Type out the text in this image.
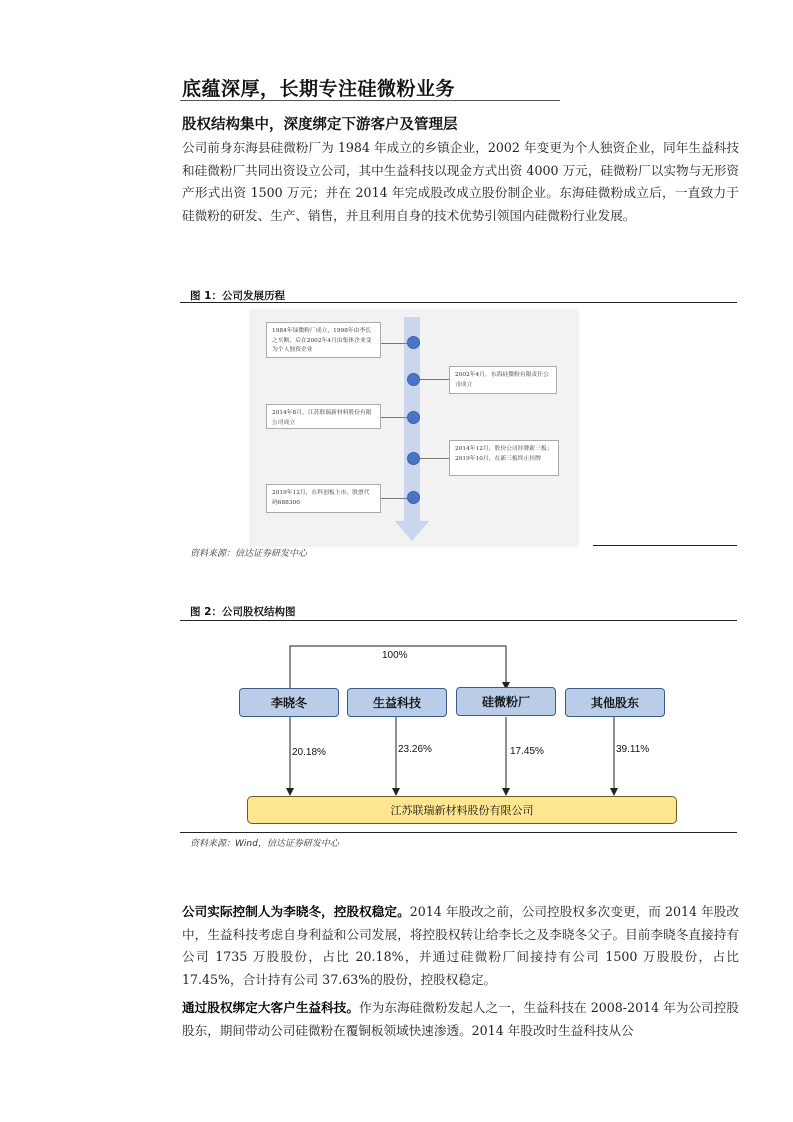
底蕴深厚，长期专注硅微粉业务
股权结构集中，深度绑定下游客户及管理层
公司前身东海县硅微粉厂为 1984 年成立的乡镇企业，2002 年变更为个人独资企业，同年生益科技和硅微粉厂共同出资设立公司，其中生益科技以现金方式出资 4000 万元，硅微粉厂以实物与无形资产形式出资 1500 万元；并在 2014 年完成股改成立股份制企业。东海硅微粉成立后，一直致力于硅微粉的研发、生产、销售，并且利用自身的技术优势引领国内硅微粉行业发展。
图 1：公司发展历程
1984年绿微粉厂成立，1998年由李长之买断，后在2002年4月由集体企业变为个人独资企业
2002年4月，东海硅微粉有限责任公司成立
2014年8月，江苏联瑞新材料股份有限公司成立
2014年12月，股份公司挂牌新三板；2019年10月，在新三板终止挂牌
2019年12月，在科创板上市，股票代码688300
资料来源：信达证券研发中心
图 2：公司股权结构图
100%
李晓冬	生益科技	硅微粉厂	其他股东
20.18%	23.26%	17.45%	39.11%
江苏联瑞新材料股份有限公司
资料来源：Wind，信达证券研发中心
公司实际控制人为李晓冬，控股权稳定。2014 年股改之前，公司控股权多次变更，而 2014 年股改中，生益科技考虑自身利益和公司发展，将控股权转让给李长之及李晓冬父子。目前李晓冬直接持有公司 1735 万股股份，占比 20.18%，并通过硅微粉厂间接持有公司 1500 万股股份，占比 17.45%，合计持有公司 37.63%的股份，控股权稳定。
通过股权绑定大客户生益科技。作为东海硅微粉发起人之一，生益科技在 2008-2014 年为公司控股股东，期间带动公司硅微粉在覆铜板领域快速渗透。2014 年股改时生益科技从公
